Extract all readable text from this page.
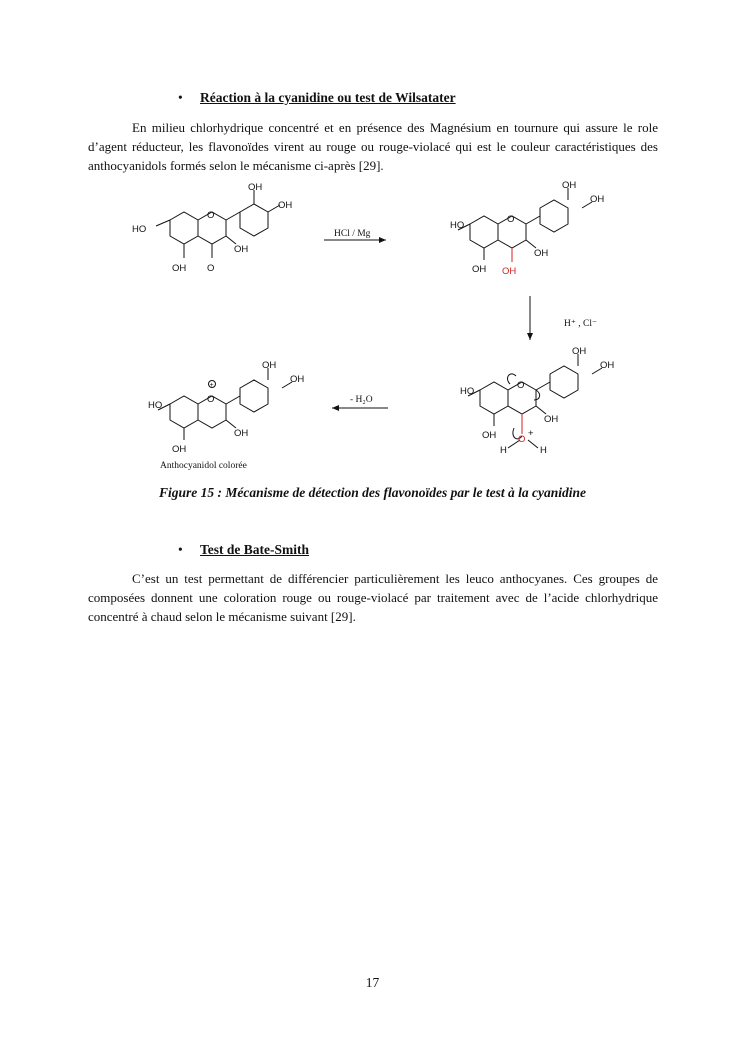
• Réaction à la cyanidine ou test de Wilsatater

En milieu chlorhydrique concentré et en présence des Magnésium en tournure qui assure le role d’agent réducteur, les flavonoïdes virent au rouge ou rouge-violacé qui est le couleur caractéristiques des anthocyanidols formés selon le mécanisme ci-après [29].

OH
OH
HO
O
OH
OH O
HCl / Mg
OH
OH
HO
O
OH
OH OH
H⁺ , Cl⁻
OH
OH
HO
O
OH
OH O
+
H	H
- H₂O
+
OH
OH
HO
O
OH
OH
Anthocyanidol colorée
Figure 15 : Mécanisme de détection des flavonoïdes par le test à la cyanidine
• Test de Bate-Smith

C’est un test permettant de différencier particulièrement les leuco anthocyanes. Ces groupes de composées donnent une coloration rouge ou rouge-violacé par traitement avec de l’acide chlorhydrique concentré à chaud selon le mécanisme suivant [29].

17
